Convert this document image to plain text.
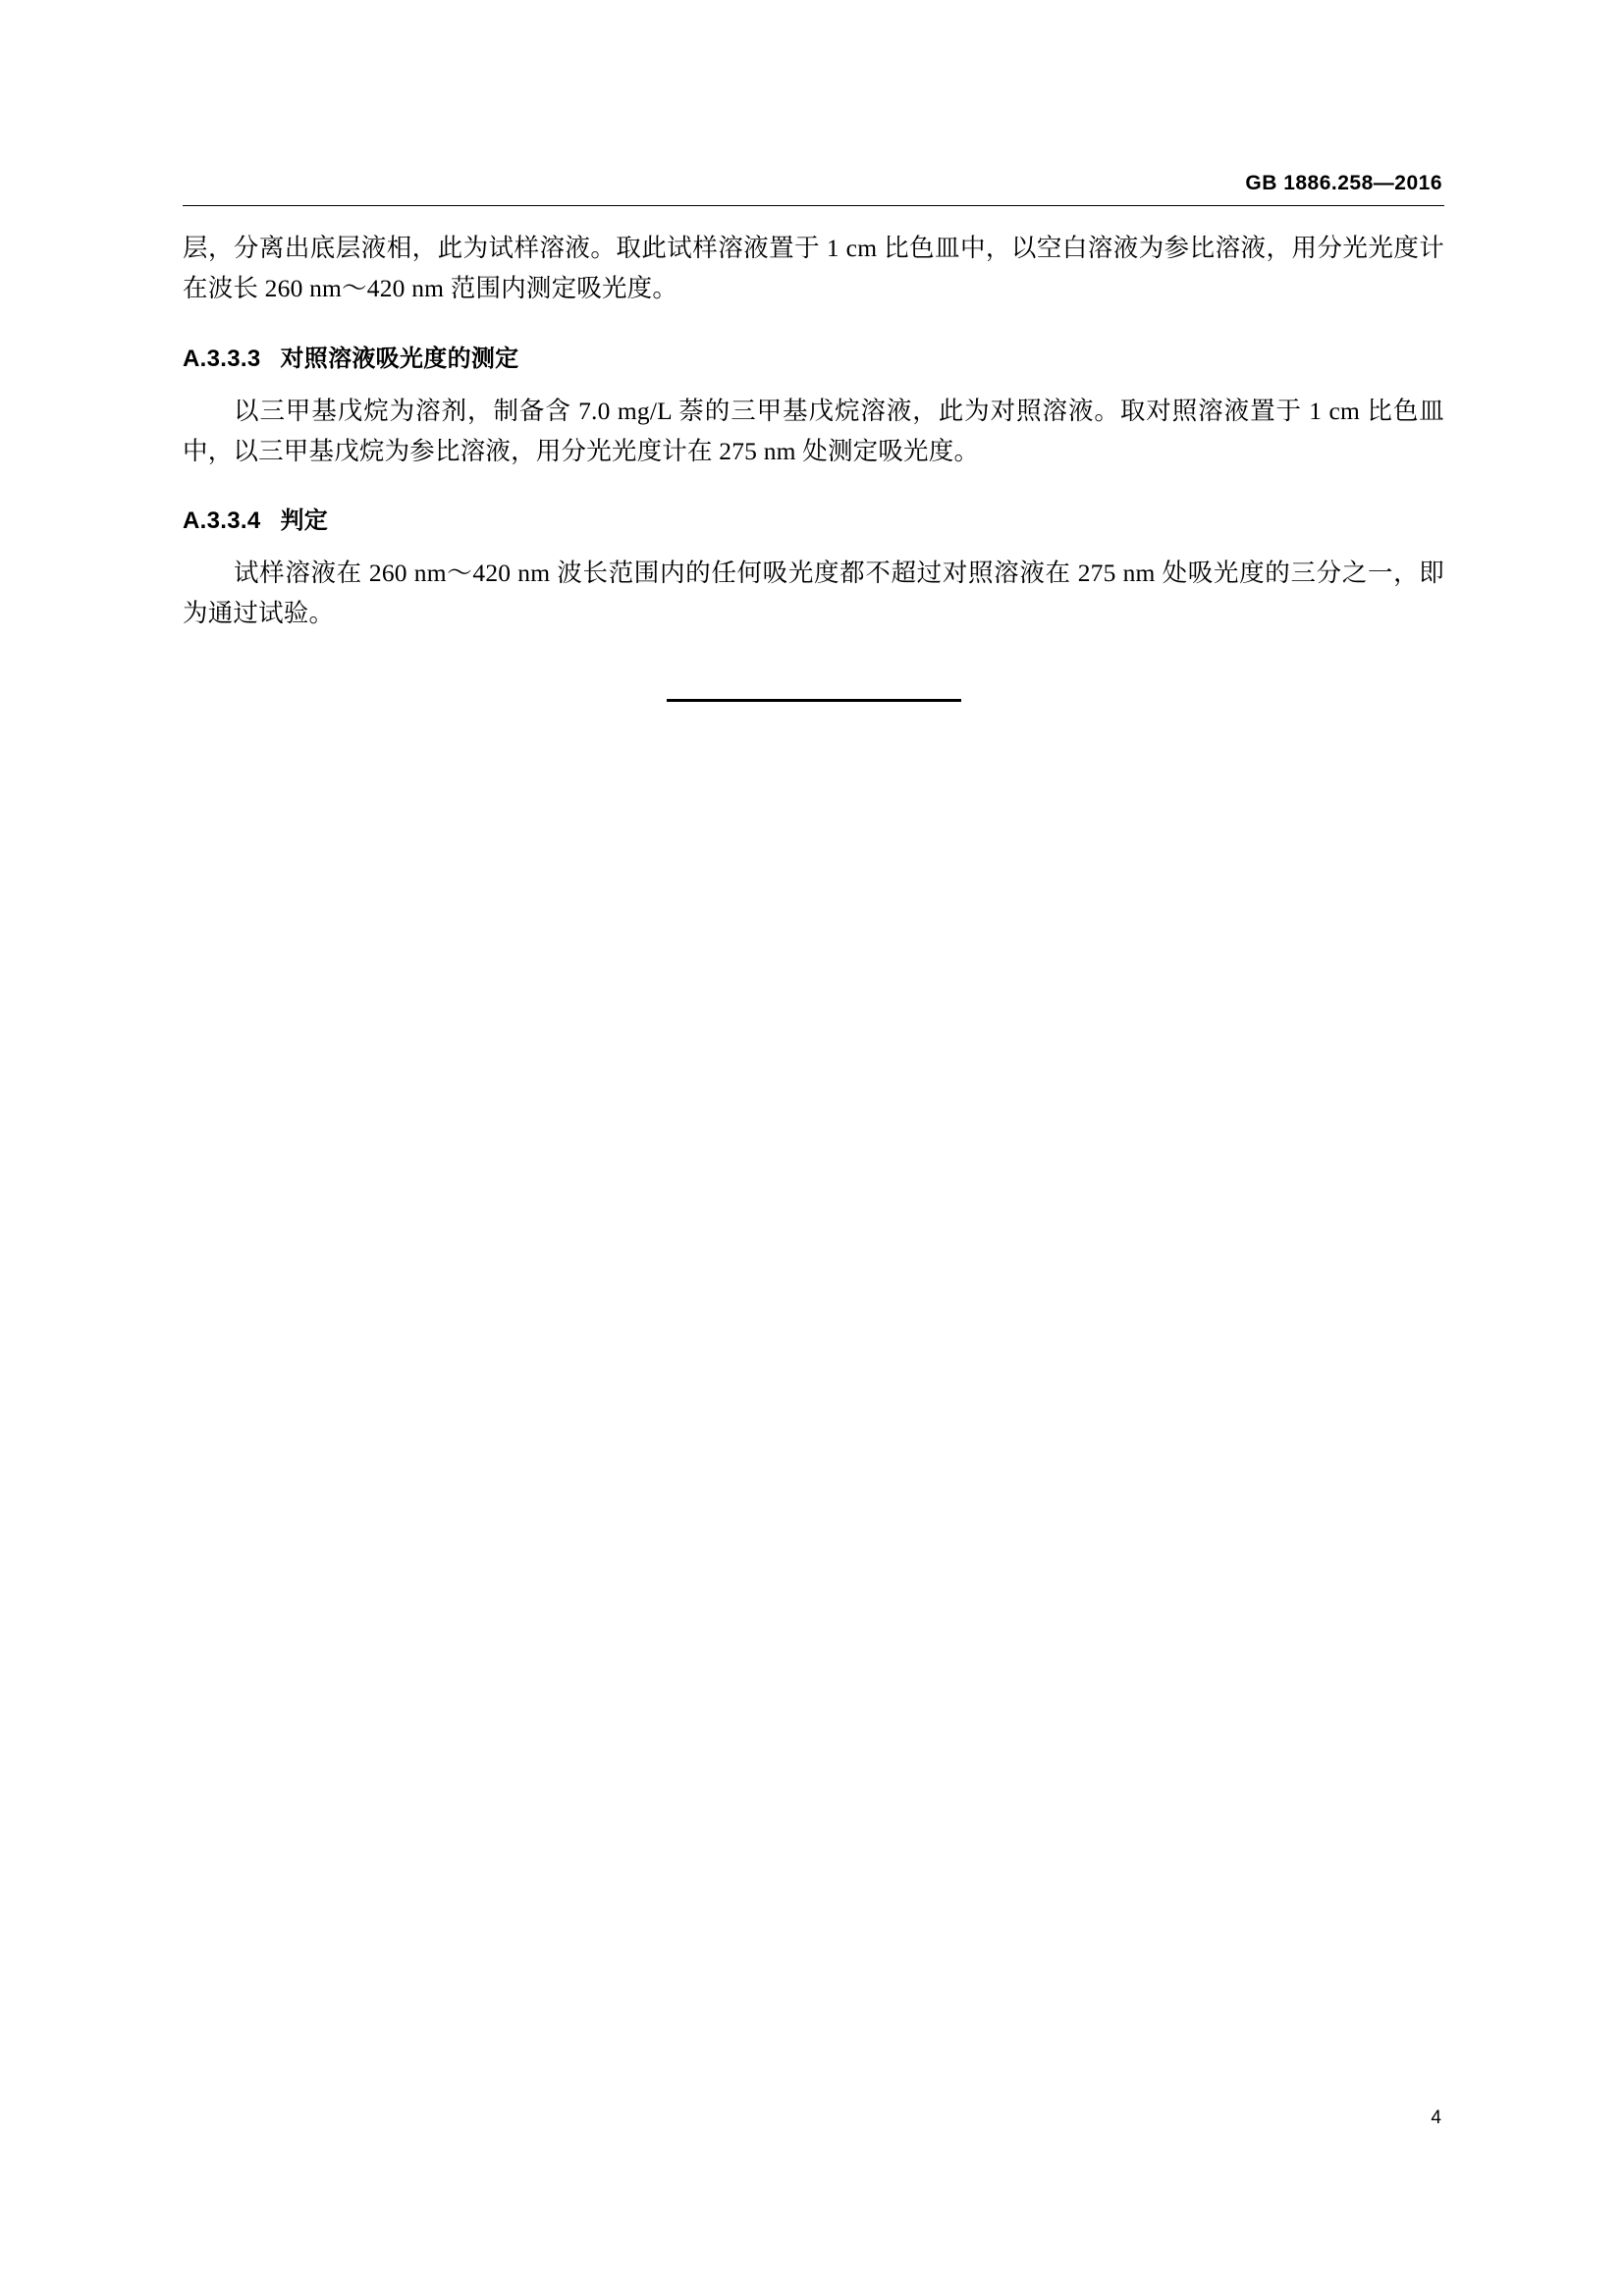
GB 1886.258—2016

层，分离出底层液相，此为试样溶液。取此试样溶液置于 1 cm 比色皿中，以空白溶液为参比溶液，用分光光度计在波长 260 nm～420 nm 范围内测定吸光度。

A.3.3.3 对照溶液吸光度的测定

以三甲基戊烷为溶剂，制备含 7.0 mg/L 萘的三甲基戊烷溶液，此为对照溶液。取对照溶液置于 1 cm 比色皿中，以三甲基戊烷为参比溶液，用分光光度计在 275 nm 处测定吸光度。

A.3.3.4 判定

试样溶液在 260 nm～420 nm 波长范围内的任何吸光度都不超过对照溶液在 275 nm 处吸光度的三分之一，即为通过试验。

4
